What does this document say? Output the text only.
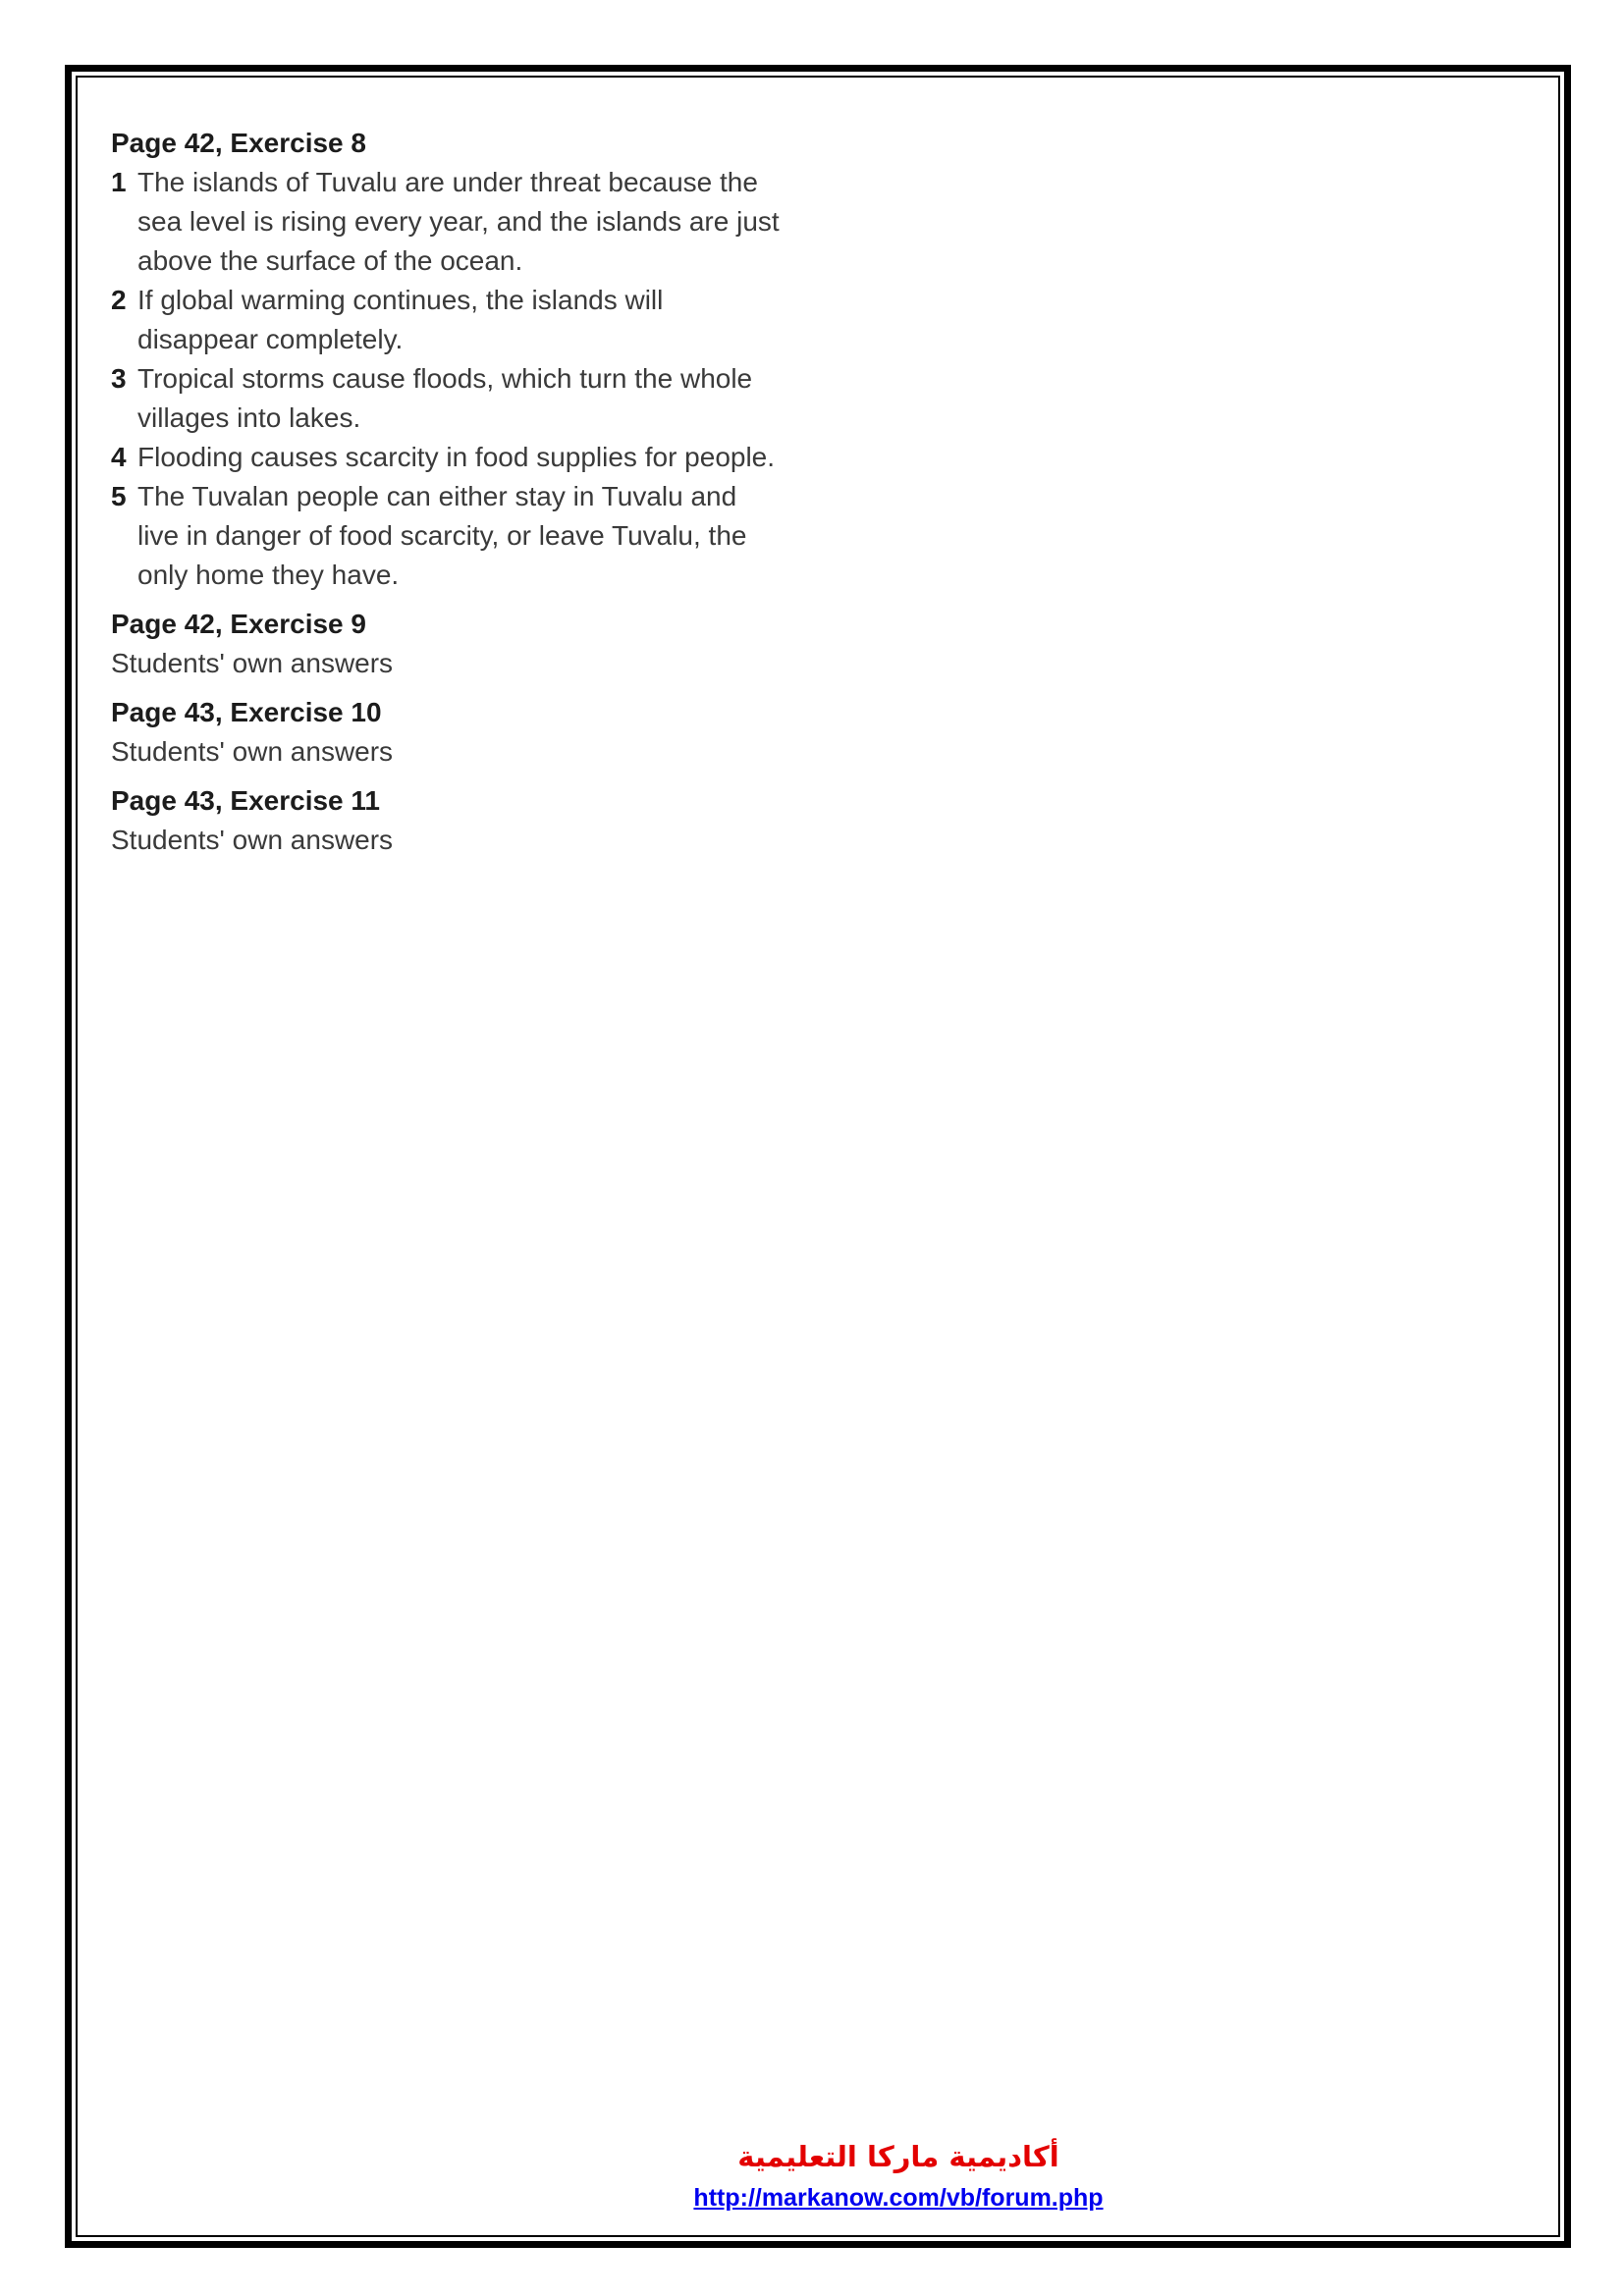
Page 42, Exercise 8
1 The islands of Tuvalu are under threat because the
sea level is rising every year, and the islands are just
above the surface of the ocean.
2 If global warming continues, the islands will
disappear completely.
3 Tropical storms cause floods, which turn the whole
villages into lakes.
4 Flooding causes scarcity in food supplies for people.
5 The Tuvalan people can either stay in Tuvalu and
live in danger of food scarcity, or leave Tuvalu, the
only home they have.
Page 42, Exercise 9
Students' own answers
Page 43, Exercise 10
Students' own answers
Page 43, Exercise 11
Students' own answers
أكاديمية ماركا التعليمية
http://markanow.com/vb/forum.php
